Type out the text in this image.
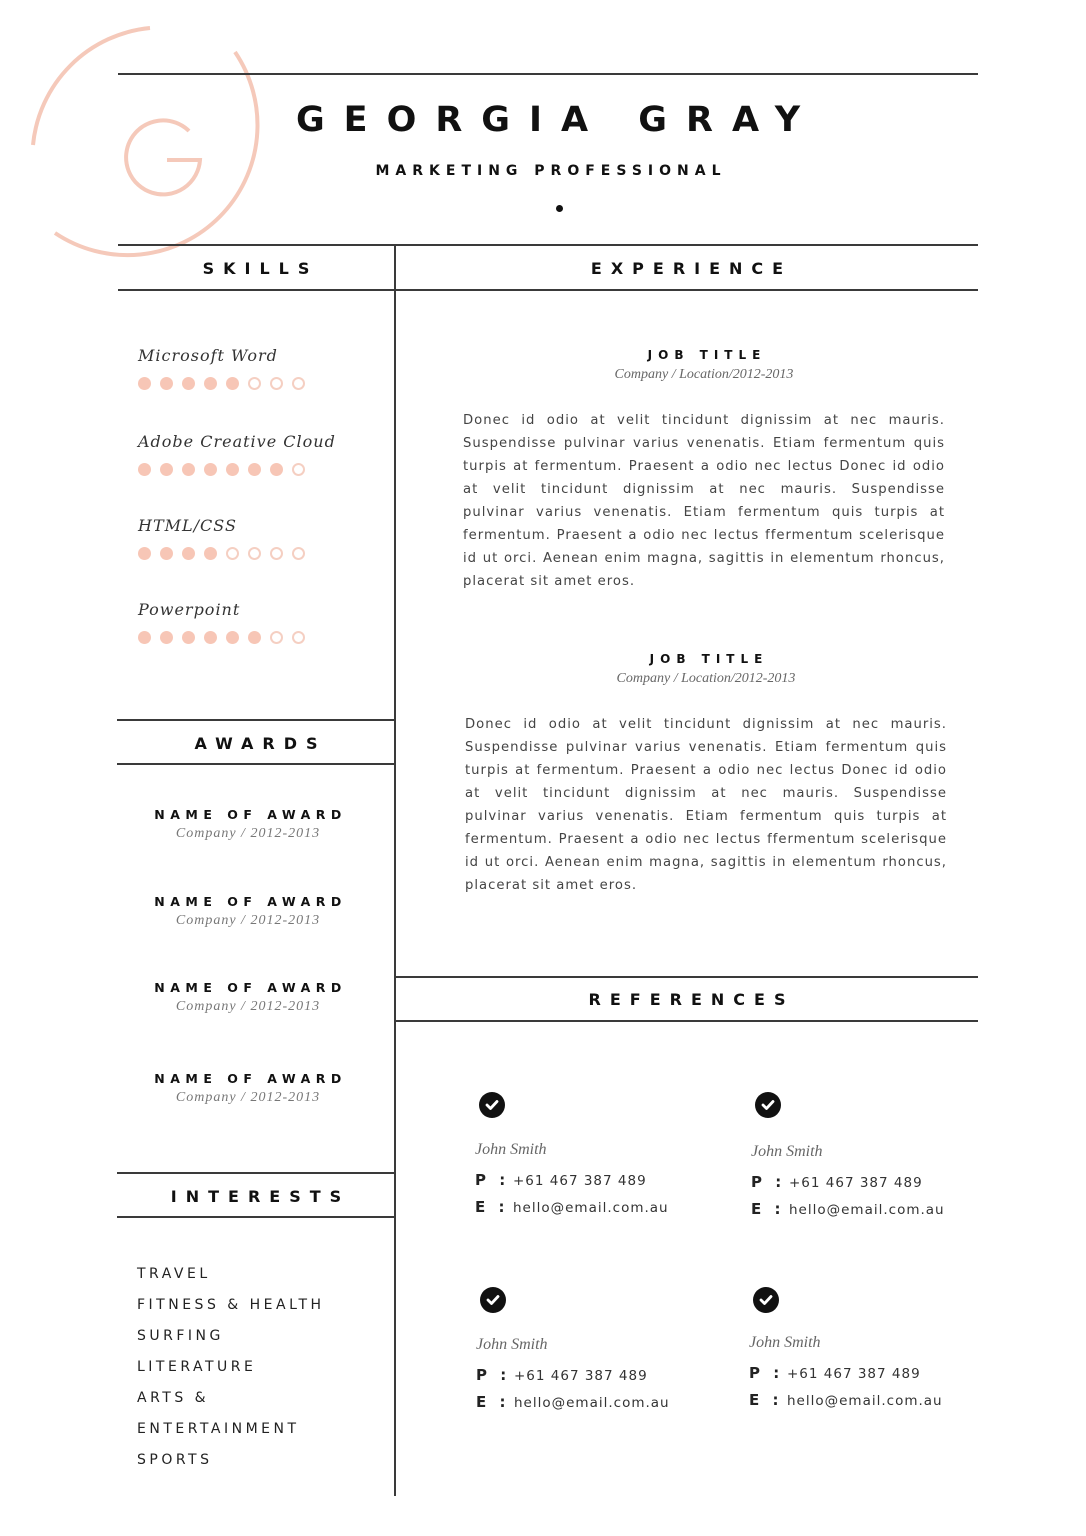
GEORGIA GRAY
MARKETING PROFESSIONAL
SKILLS
Microsoft Word
Adobe Creative Cloud
HTML/CSS
Powerpoint
EXPERIENCE
JOB TITLE
Company / Location/2012-2013
Donec id odio at velit tincidunt dignissim at nec mauris. Suspendisse pulvinar varius venenatis. Etiam fermentum quis turpis at fermentum. Praesent a odio nec lectus Donec id odio at velit tincidunt dignissim at nec mauris. Suspendisse pulvinar varius venenatis. Etiam fermentum quis turpis at fermentum. Praesent a odio nec lectus ffermentum scelerisque id ut orci. Aenean enim magna, sagittis in elementum rhoncus, placerat sit amet eros.
JOB TITLE
Company / Location/2012-2013
Donec id odio at velit tincidunt dignissim at nec mauris. Suspendisse pulvinar varius venenatis. Etiam fermentum quis turpis at fermentum. Praesent a odio nec lectus Donec id odio at velit tincidunt dignissim at nec mauris. Suspendisse pulvinar varius venenatis. Etiam fermentum quis turpis at fermentum. Praesent a odio nec lectus ffermentum scelerisque id ut orci. Aenean enim magna, sagittis in elementum rhoncus, placerat sit amet eros.
AWARDS
NAME OF AWARD
Company / 2012-2013
NAME OF AWARD
Company / 2012-2013
NAME OF AWARD
Company / 2012-2013
NAME OF AWARD
Company / 2012-2013
INTERESTS
TRAVEL
FITNESS & HEALTH
SURFING
LITERATURE
ARTS &
ENTERTAINMENT
SPORTS
REFERENCES
John Smith
P : +61 467 387 489
E : hello@email.com.au
John Smith
P : +61 467 387 489
E : hello@email.com.au
John Smith
P : +61 467 387 489
E : hello@email.com.au
John Smith
P : +61 467 387 489
E : hello@email.com.au
